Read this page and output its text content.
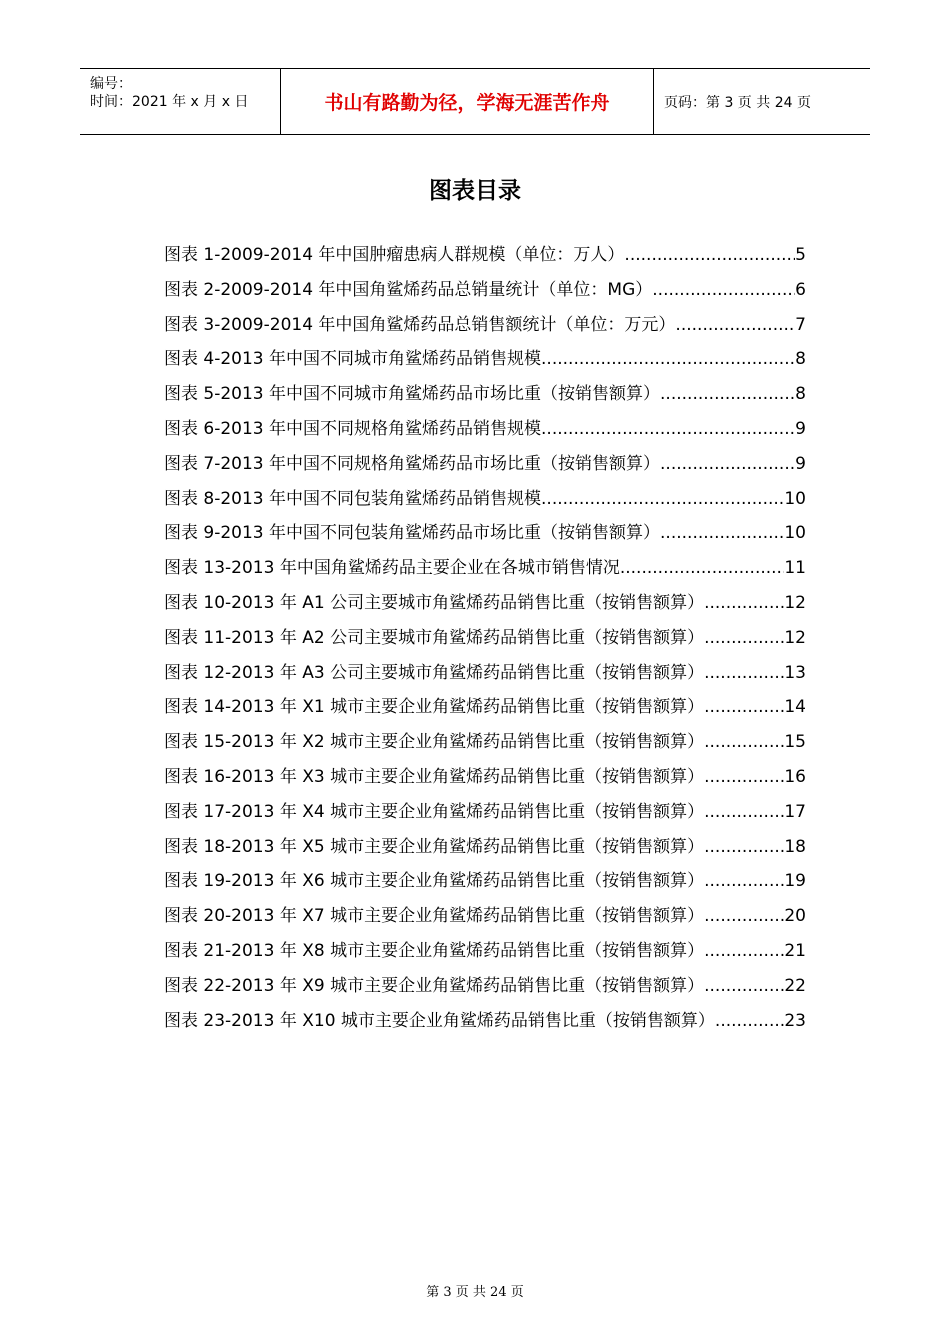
编号：
时间：2021 年 x 月 x 日	书山有路勤为径，学海无涯苦作舟	页码：第 3 页 共 24 页
图表目录
图表 1-2009-2014 年中国肿瘤患病人群规模（单位：万人） .....	5
图表 2-2009-2014 年中国角鲨烯药品总销量统计（单位：MG） .....	6
图表 3-2009-2014 年中国角鲨烯药品总销售额统计（单位：万元） .....	7
图表 4-2013 年中国不同城市角鲨烯药品销售规模 .....	8
图表 5-2013 年中国不同城市角鲨烯药品市场比重（按销售额算） .....	8
图表 6-2013 年中国不同规格角鲨烯药品销售规模 .....	9
图表 7-2013 年中国不同规格角鲨烯药品市场比重（按销售额算） .....	9
图表 8-2013 年中国不同包装角鲨烯药品销售规模 .....	10
图表 9-2013 年中国不同包装角鲨烯药品市场比重（按销售额算） .....	10
图表 13-2013 年中国角鲨烯药品主要企业在各城市销售情况 .....	11
图表 10-2013 年 A1 公司主要城市角鲨烯药品销售比重（按销售额算） .....	12
图表 11-2013 年 A2 公司主要城市角鲨烯药品销售比重（按销售额算） .....	12
图表 12-2013 年 A3 公司主要城市角鲨烯药品销售比重（按销售额算） .....	13
图表 14-2013 年 X1 城市主要企业角鲨烯药品销售比重（按销售额算） .....	14
图表 15-2013 年 X2 城市主要企业角鲨烯药品销售比重（按销售额算） .....	15
图表 16-2013 年 X3 城市主要企业角鲨烯药品销售比重（按销售额算） .....	16
图表 17-2013 年 X4 城市主要企业角鲨烯药品销售比重（按销售额算） .....	17
图表 18-2013 年 X5 城市主要企业角鲨烯药品销售比重（按销售额算） .....	18
图表 19-2013 年 X6 城市主要企业角鲨烯药品销售比重（按销售额算） .....	19
图表 20-2013 年 X7 城市主要企业角鲨烯药品销售比重（按销售额算） .....	20
图表 21-2013 年 X8 城市主要企业角鲨烯药品销售比重（按销售额算） .....	21
图表 22-2013 年 X9 城市主要企业角鲨烯药品销售比重（按销售额算） .....	22
图表 23-2013 年 X10 城市主要企业角鲨烯药品销售比重（按销售额算） .....	23
第 3 页 共 24 页
